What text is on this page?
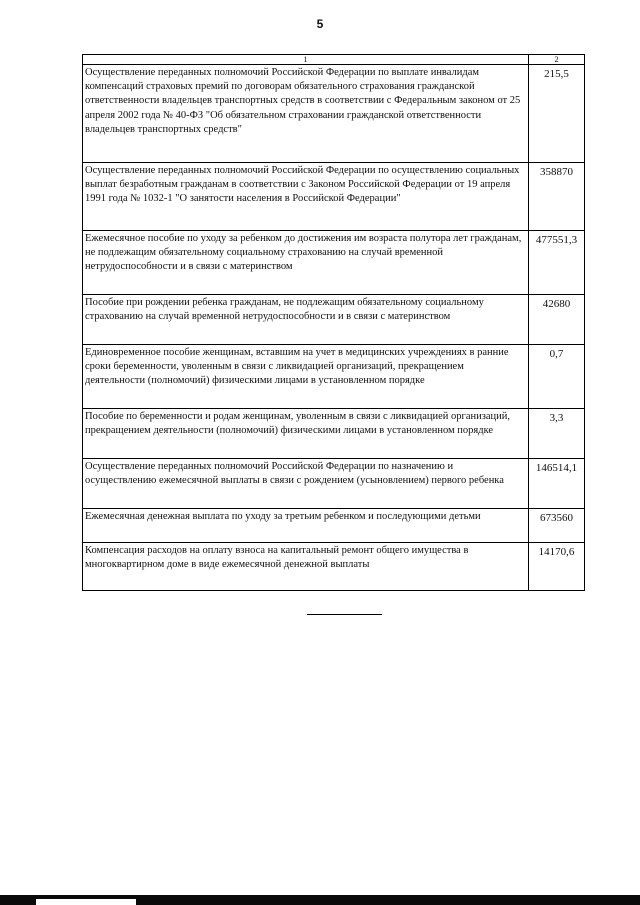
5
1	2
Осуществление переданных полномочий Российской Федерации по выплате инвалидам компенсаций страховых премий по договорам обязательного страхования гражданской ответственности владельцев транспортных средств в соответствии с Федеральным законом от 25 апреля 2002 года № 40-ФЗ "Об обязательном страховании гражданской ответственности владельцев транспортных средств"	215,5
Осуществление переданных полномочий Российской Федерации по осуществлению социальных выплат безработным гражданам в соответствии с Законом Российской Федерации от 19 апреля 1991 года № 1032-1 "О занятости населения в Российской Федерации"	358870
Ежемесячное пособие по уходу за ребенком до достижения им возраста полутора лет гражданам, не подлежащим обязательному социальному страхованию на случай временной нетрудоспособности и в связи с материнством	477551,3
Пособие при рождении ребенка гражданам, не подлежащим обязательному социальному страхованию на случай временной нетрудоспособности и в связи с материнством	42680
Единовременное пособие женщинам, вставшим на учет в медицинских учреждениях в ранние сроки беременности, уволенным в связи с ликвидацией организаций, прекращением деятельности (полномочий) физическими лицами в установленном порядке	0,7
Пособие по беременности и родам женщинам, уволенным в связи с ликвидацией организаций, прекращением деятельности (полномочий) физическими лицами в установленном порядке	3,3
Осуществление переданных полномочий Российской Федерации по назначению и осуществлению ежемесячной выплаты в связи с рождением (усыновлением) первого ребенка	146514,1
Ежемесячная денежная выплата по уходу за третьим ребенком и последующими детьми	673560
Компенсация расходов на оплату взноса на капитальный ремонт общего имущества в многоквартирном доме в виде ежемесячной денежной выплаты	14170,6
